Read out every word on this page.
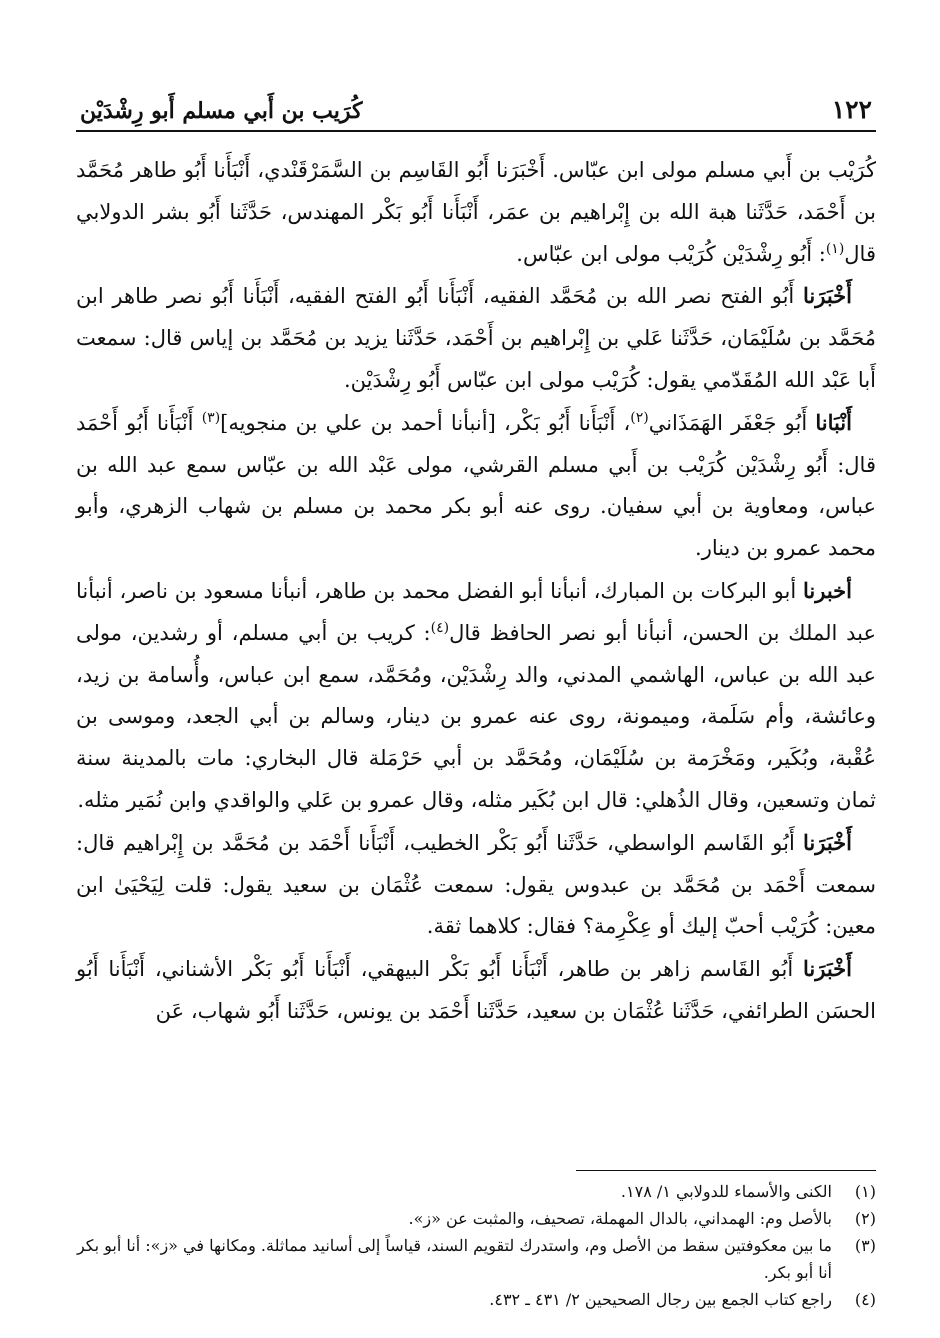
١٢٢
كُرَيب بن أَبي مسلم أَبو رِشْدَيْن

كُرَيْب بن أَبي مسلم مولى ابن عبّاس. أَخْبَرَنا أَبُو القَاسِم بن السَّمَرْقَنْدي، أَنْبَأَنا أَبُو طاهر مُحَمَّد بن أَحْمَد، حَدَّثَنا هبة الله بن إِبْراهيم بن عمَر، أَنْبَأَنا أَبُو بَكْر المهندس، حَدَّثَنا أَبُو بشر الدولابي قال$^{(١)}$: أَبُو رِشْدَيْن كُرَيْب مولى ابن عبّاس.

أَخْبَرَنا أَبُو الفتح نصر الله بن مُحَمَّد الفقيه، أَنْبَأَنا أَبُو الفتح الفقيه، أَنْبَأَنا أَبُو نصر طاهر ابن مُحَمَّد بن سُلَيْمَان، حَدَّثَنا عَلي بن إِبْراهيم بن أَحْمَد، حَدَّثَنا يزيد بن مُحَمَّد بن إياس قال: سمعت أَبا عَبْد الله المُقَدّمي يقول: كُرَيْب مولى ابن عبّاس أَبُو رِشْدَيْن.

أَنْبَانا أَبُو جَعْفَر الهَمَذَاني$^{(٢)}$، أَنْبَأَنا أَبُو بَكْر، [أنبأنا أحمد بن علي بن منجويه]$^{(٣)}$ أَنْبَأَنا أَبُو أَحْمَد قال: أَبُو رِشْدَيْن كُرَيْب بن أَبي مسلم القرشي، مولى عَبْد الله بن عبّاس سمع عبد الله بن عباس، ومعاوية بن أبي سفيان. روى عنه أبو بكر محمد بن مسلم بن شهاب الزهري، وأبو محمد عمرو بن دينار.

أخبرنا أبو البركات بن المبارك، أنبأنا أبو الفضل محمد بن طاهر، أنبأنا مسعود بن ناصر، أنبأنا عبد الملك بن الحسن، أنبأنا أبو نصر الحافظ قال$^{(٤)}$: كريب بن أبي مسلم، أو رشدين، مولى عبد الله بن عباس، الهاشمي المدني، والد رِشْدَيْن، ومُحَمَّد، سمع ابن عباس، وأُسامة بن زيد، وعائشة، وأم سَلَمة، وميمونة، روى عنه عمرو بن دينار، وسالم بن أبي الجعد، وموسى بن عُقْبة، وبُكَير، ومَخْرَمة بن سُلَيْمَان، ومُحَمَّد بن أبي حَرْمَلة قال البخاري: مات بالمدينة سنة ثمان وتسعين، وقال الذُهلي: قال ابن بُكَير مثله، وقال عمرو بن عَلي والواقدي وابن نُمَير مثله.

أَخْبَرَنا أَبُو القَاسم الواسطي، حَدَّثَنا أَبُو بَكْر الخطيب، أَنْبَأَنا أَحْمَد بن مُحَمَّد بن إِبْراهيم قال: سمعت أَحْمَد بن مُحَمَّد بن عبدوس يقول: سمعت عُثْمَان بن سعيد يقول: قلت لِيَحْيَىٰ ابن معين: كُرَيْب أحبّ إليك أو عِكْرِمة؟ فقال: كلاهما ثقة.

أَخْبَرَنا أَبُو القَاسم زاهر بن طاهر، أَنْبَأَنا أَبُو بَكْر البيهقي، أَنْبَأَنا أَبُو بَكْر الأشناني، أَنْبَأَنا أَبُو الحسَن الطرائفي، حَدَّثَنا عُثْمَان بن سعيد، حَدَّثَنا أَحْمَد بن يونس، حَدَّثَنا أَبُو شهاب، عَن

(١)
الكنى والأسماء للدولابي ١/ ١٧٨.
(٢)
بالأصل وم: الهمداني، بالدال المهملة، تصحيف، والمثبت عن «ز».
(٣)
ما بين معكوفتين سقط من الأصل وم، واستدرك لتقويم السند، قياساً إلى أسانيد مماثلة. ومكانها في «ز»: أنا أبو بكر أنا أبو بكر.
(٤)
راجع كتاب الجمع بين رجال الصحيحين ٢/ ٤٣١ ـ ٤٣٢.
